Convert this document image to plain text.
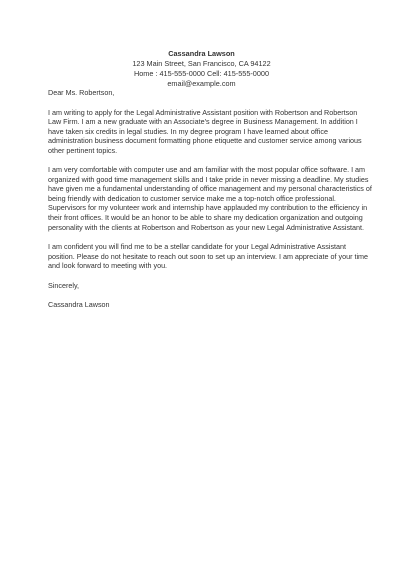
Cassandra Lawson
123 Main Street, San Francisco, CA 94122
Home : 415-555-0000 Cell: 415-555-0000
email@example.com

Dear Ms. Robertson,

I am writing to apply for the Legal Administrative Assistant position with Robertson and Robertson
Law Firm. I am a new graduate with an Associate's degree in Business Management. In addition I
have taken six credits in legal studies. In my degree program I have learned about office
administration business document formatting phone etiquette and customer service among various
other pertinent topics.

I am very comfortable with computer use and am familiar with the most popular office software. I am
organized with good time management skills and I take pride in never missing a deadline. My studies
have given me a fundamental understanding of office management and my personal characteristics of
being friendly with dedication to customer service make me a top-notch office professional.
Supervisors for my volunteer work and internship have applauded my contribution to the efficiency in
their front offices. It would be an honor to be able to share my dedication organization and outgoing
personality with the clients at Robertson and Robertson as your new Legal Administrative Assistant.

I am confident you will find me to be a stellar candidate for your Legal Administrative Assistant
position. Please do not hesitate to reach out soon to set up an interview. I am appreciate of your time
and look forward to meeting with you.

Sincerely,

Cassandra Lawson
